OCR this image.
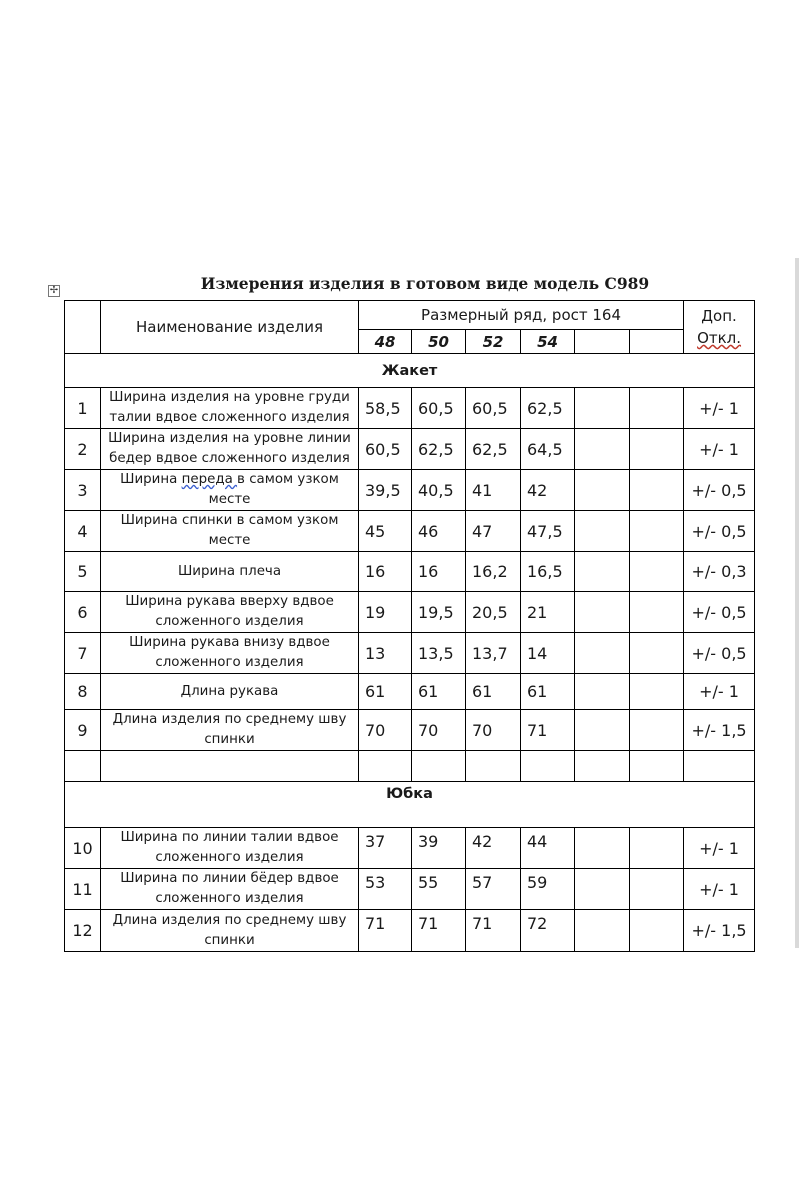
Измерения изделия в готовом виде модель С989
✢
	Наименование изделия	Размерный ряд, рост 164						Доп.
Откл.

		48	50	52	54			
Жакет								
1	Ширина изделия на уровне груди
талии вдвое сложенного изделия	58,5	60,5	60,5	62,5			+/- 1
2	Ширина изделия на уровне линии
бедер вдвое сложенного изделия	60,5	62,5	62,5	64,5			+/- 1
3	Ширина переда в самом узком
месте	39,5	40,5	41	42			+/- 0,5
4	Ширина спинки в самом узком
месте	45	46	47	47,5			+/- 0,5
5	Ширина плеча	16	16	16,2	16,5			+/- 0,3
6	Ширина рукава вверху вдвое
сложенного изделия	19	19,5	20,5	21			+/- 0,5
7	Ширина рукава внизу вдвое
сложенного изделия	13	13,5	13,7	14			+/- 0,5
8	Длина рукава	61	61	61	61			+/- 1
9	Длина изделия по среднему шву
спинки	70	70	70	71			+/- 1,5

Юбка								
10	Ширина по линии талии вдвое
сложенного изделия	37	39	42	44			+/- 1
11	Ширина по линии бёдер вдвое
сложенного изделия	53	55	57	59			+/- 1
12	Длина изделия по среднему шву
спинки	71	71	71	72			+/- 1,5
